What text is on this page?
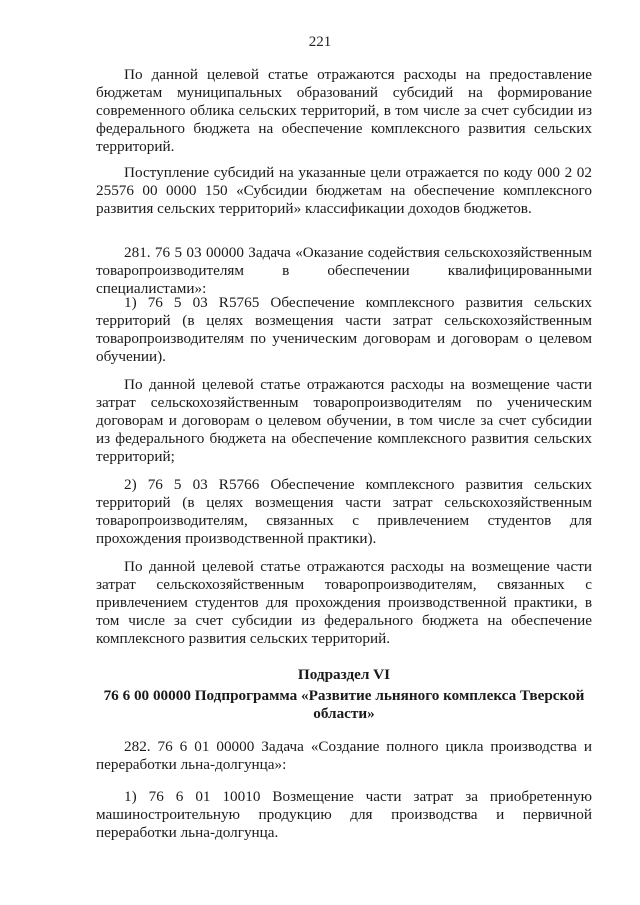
221

По данной целевой статье отражаются расходы на предоставление бюджетам муниципальных образований субсидий на формирование современного облика сельских территорий, в том числе за счет субсидии из федерального бюджета на обеспечение комплексного развития сельских территорий.

Поступление субсидий на указанные цели отражается по коду 000 2 02 25576 00 0000 150 «Субсидии бюджетам на обеспечение комплексного развития сельских территорий» классификации доходов бюджетов.

281. 76 5 03 00000 Задача «Оказание содействия сельскохозяйственным товаропроизводителям в обеспечении квалифицированными специалистами»:

1) 76 5 03 R5765 Обеспечение комплексного развития сельских территорий (в целях возмещения части затрат сельскохозяйственным товаропроизводителям по ученическим договорам и договорам о целевом обучении).

По данной целевой статье отражаются расходы на возмещение части затрат сельскохозяйственным товаропроизводителям по ученическим договорам и договорам о целевом обучении, в том числе за счет субсидии из федерального бюджета на обеспечение комплексного развития сельских территорий;

2) 76 5 03 R5766 Обеспечение комплексного развития сельских территорий (в целях возмещения части затрат сельскохозяйственным товаропроизводителям, связанных с привлечением студентов для прохождения производственной практики).

По данной целевой статье отражаются расходы на возмещение части затрат сельскохозяйственным товаропроизводителям, связанных с привлечением студентов для прохождения производственной практики, в том числе за счет субсидии из федерального бюджета на обеспечение комплексного развития сельских территорий.

Подраздел VI

76 6 00 00000 Подпрограмма «Развитие льняного комплекса Тверской области»

282. 76 6 01 00000 Задача «Создание полного цикла производства и переработки льна-долгунца»:

1) 76 6 01 10010 Возмещение части затрат за приобретенную машиностроительную продукцию для производства и первичной переработки льна-долгунца.
